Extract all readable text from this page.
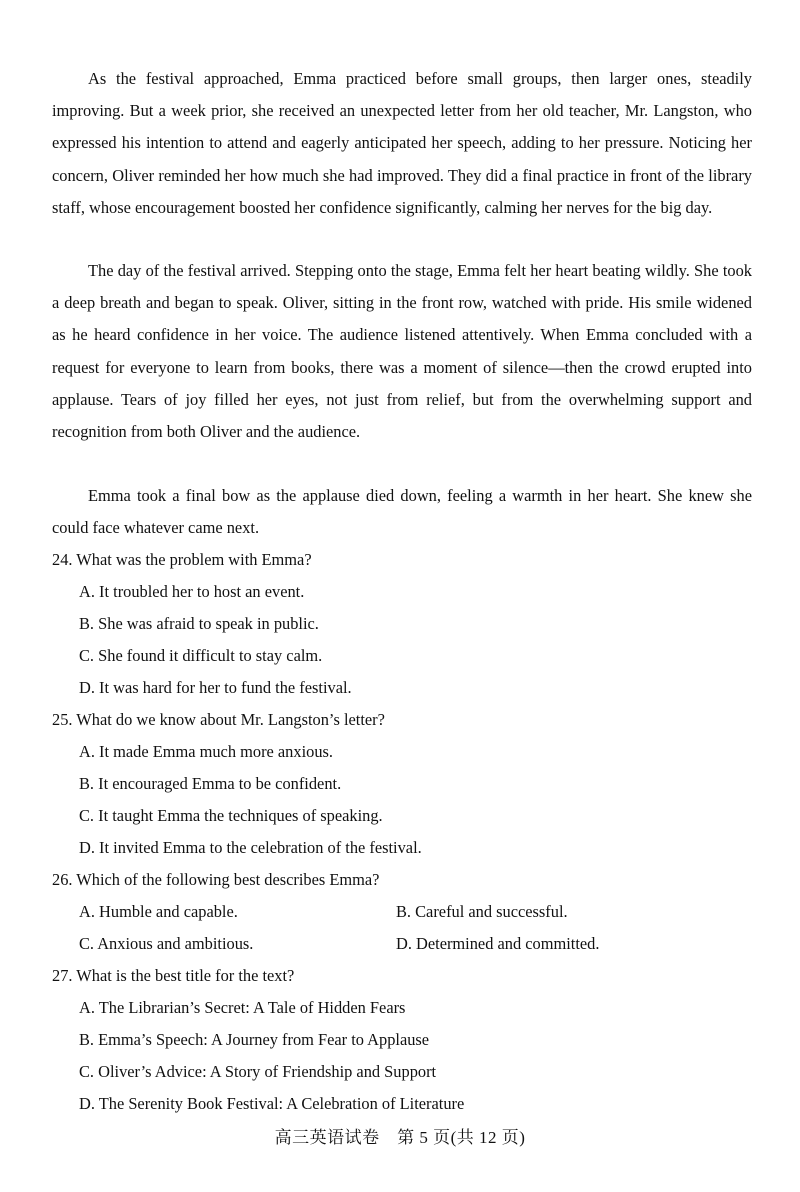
As the festival approached, Emma practiced before small groups, then larger ones, steadily improving. But a week prior, she received an unexpected letter from her old teacher, Mr. Langston, who expressed his intention to attend and eagerly anticipated her speech, adding to her pressure. Noticing her concern, Oliver reminded her how much she had improved. They did a final practice in front of the library staff, whose encouragement boosted her confidence significantly, calming her nerves for the big day.

The day of the festival arrived. Stepping onto the stage, Emma felt her heart beating wildly. She took a deep breath and began to speak. Oliver, sitting in the front row, watched with pride. His smile widened as he heard confidence in her voice. The audience listened attentively. When Emma concluded with a request for everyone to learn from books, there was a moment of silence—then the crowd erupted into applause. Tears of joy filled her eyes, not just from relief, but from the overwhelming support and recognition from both Oliver and the audience.

Emma took a final bow as the applause died down, feeling a warmth in her heart. She knew she could face whatever came next.

24. What was the problem with Emma?
A. It troubled her to host an event.
B. She was afraid to speak in public.
C. She found it difficult to stay calm.
D. It was hard for her to fund the festival.
25. What do we know about Mr. Langston’s letter?
A. It made Emma much more anxious.
B. It encouraged Emma to be confident.
C. It taught Emma the techniques of speaking.
D. It invited Emma to the celebration of the festival.
26. Which of the following best describes Emma?
A. Humble and capable.	B. Careful and successful.
C. Anxious and ambitious.	D. Determined and committed.
27. What is the best title for the text?
A. The Librarian’s Secret: A Tale of Hidden Fears
B. Emma’s Speech: A Journey from Fear to Applause
C. Oliver’s Advice: A Story of Friendship and Support
D. The Serenity Book Festival: A Celebration of Literature
高三英语试卷　第 5 页(共 12 页)
